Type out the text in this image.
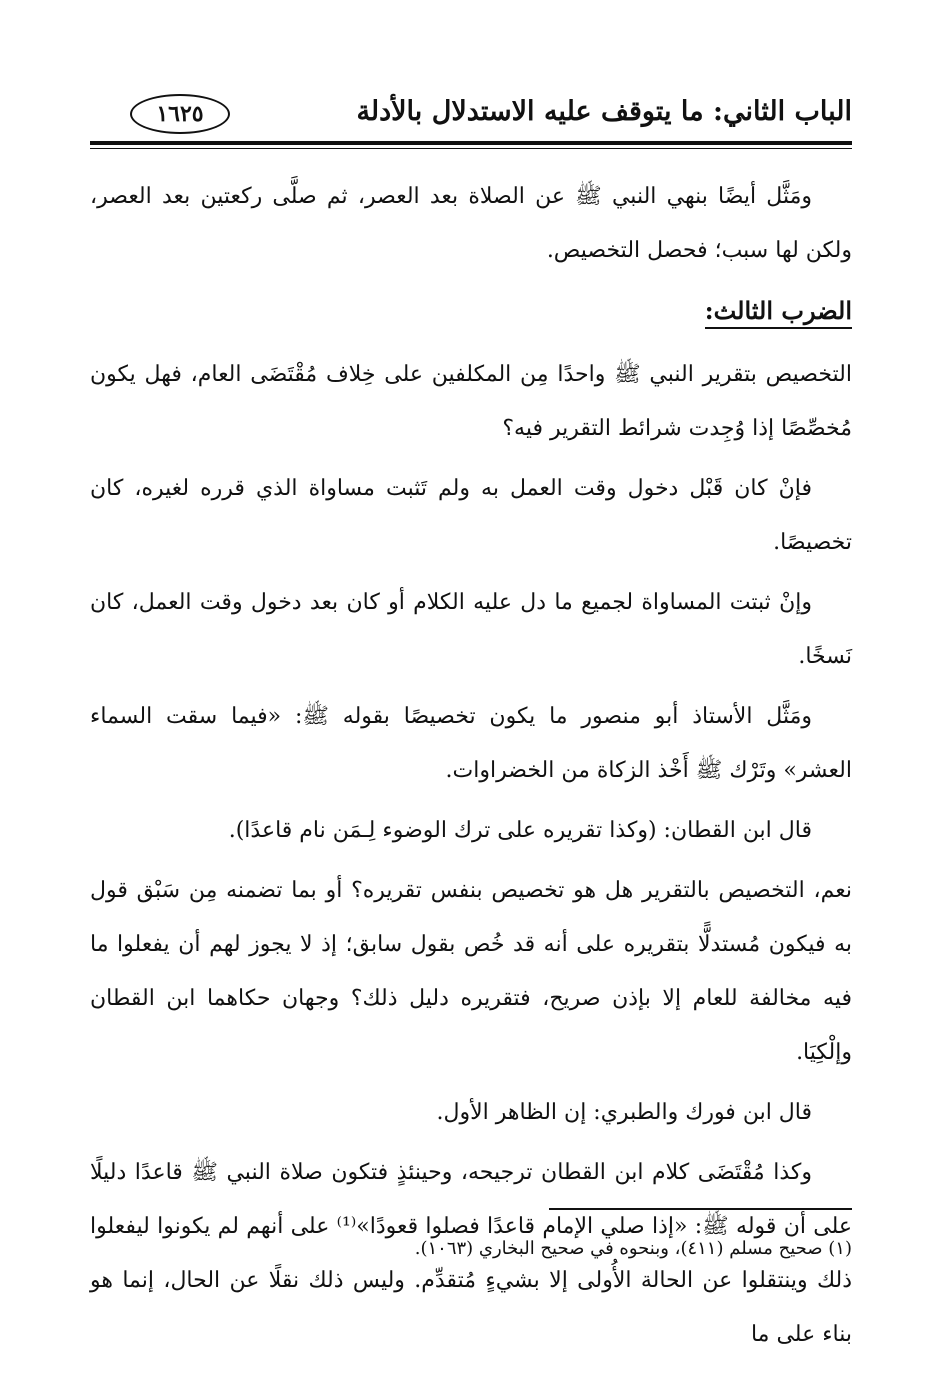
الباب الثاني: ما يتوقف عليه الاستدلال بالأدلة
١٦٢٥

ومَثَّل أيضًا بنهي النبي ﷺ عن الصلاة بعد العصر، ثم صلَّى ركعتين بعد العصر، ولكن لها سبب؛ فحصل التخصيص.

الضرب الثالث:

التخصيص بتقرير النبي ﷺ واحدًا مِن المكلفين على خِلاف مُقْتَضَى العام، فهل يكون مُخصِّصًا إذا وُجِدت شرائط التقرير فيه؟

فإنْ كان قَبْل دخول وقت العمل به ولم تَثبت مساواة الذي قرره لغيره، كان تخصيصًا.

وإنْ ثبتت المساواة لجميع ما دل عليه الكلام أو كان بعد دخول وقت العمل، كان نَسخًا.

ومَثَّل الأستاذ أبو منصور ما يكون تخصيصًا بقوله ﷺ: «فيما سقت السماء العشر» وتَرْك ﷺ أَخْذ الزكاة من الخضراوات.

قال ابن القطان: (وكذا تقريره على ترك الوضوء لِـمَن نام قاعدًا).

نعم، التخصيص بالتقرير هل هو تخصيص بنفس تقريره؟ أو بما تضمنه مِن سَبْق قول به فيكون مُستدلًّا بتقريره على أنه قد خُص بقول سابق؛ إذ لا يجوز لهم أن يفعلوا ما فيه مخالفة للعام إلا بإذن صريح، فتقريره دليل ذلك؟ وجهان حكاهما ابن القطان وإلْكِيَا.

قال ابن فورك والطبري: إن الظاهر الأول.

وكذا مُقْتَضَى كلام ابن القطان ترجيحه، وحينئذٍ فتكون صلاة النبي ﷺ قاعدًا دليلًا على أن قوله ﷺ: «إذا صلي الإمام قاعدًا فصلوا قعودًا»⁽¹⁾ على أنهم لم يكونوا ليفعلوا ذلك وينتقلوا عن الحالة الأُولى إلا بشيءٍ مُتقدِّم. وليس ذلك نقلًا عن الحال، إنما هو بناء على ما

(١) صحيح مسلم (٤١١)، وبنحوه في صحيح البخاري (١٠٦٣).
